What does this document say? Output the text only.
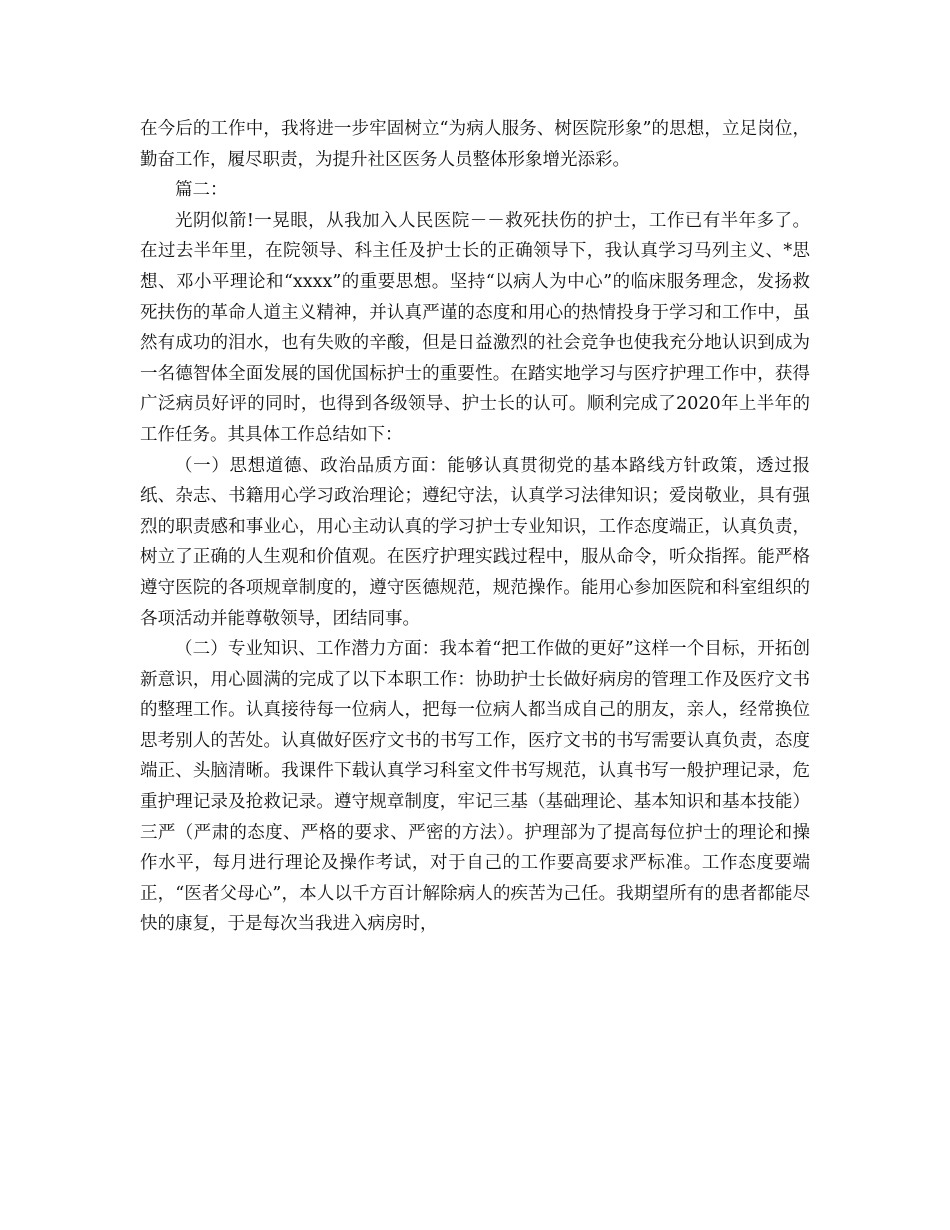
在今后的工作中，我将进一步牢固树立“为病人服务、树医院形象”的思想，立足岗位，勤奋工作，履尽职责，为提升社区医务人员整体形象增光添彩。

篇二：

光阴似箭!一晃眼，从我加入人民医院－－救死扶伤的护士，工作已有半年多了。在过去半年里，在院领导、科主任及护士长的正确领导下，我认真学习马列主义、*思想、邓小平理论和“xxxx”的重要思想。坚持“以病人为中心”的临床服务理念，发扬救死扶伤的革命人道主义精神，并认真严谨的态度和用心的热情投身于学习和工作中，虽然有成功的泪水，也有失败的辛酸，但是日益激烈的社会竞争也使我充分地认识到成为一名德智体全面发展的国优国标护士的重要性。在踏实地学习与医疗护理工作中，获得广泛病员好评的同时，也得到各级领导、护士长的认可。顺利完成了2020年上半年的工作任务。其具体工作总结如下：

（一）思想道德、政治品质方面：能够认真贯彻党的基本路线方针政策，透过报纸、杂志、书籍用心学习政治理论；遵纪守法，认真学习法律知识；爱岗敬业，具有强烈的职责感和事业心，用心主动认真的学习护士专业知识，工作态度端正，认真负责，树立了正确的人生观和价值观。在医疗护理实践过程中，服从命令，听众指挥。能严格遵守医院的各项规章制度的，遵守医德规范，规范操作。能用心参加医院和科室组织的各项活动并能尊敬领导，团结同事。

（二）专业知识、工作潜力方面：我本着“把工作做的更好”这样一个目标，开拓创新意识，用心圆满的完成了以下本职工作：协助护士长做好病房的管理工作及医疗文书的整理工作。认真接待每一位病人，把每一位病人都当成自己的朋友，亲人，经常换位思考别人的苦处。认真做好医疗文书的书写工作，医疗文书的书写需要认真负责，态度端正、头脑清晰。我课件下载认真学习科室文件书写规范，认真书写一般护理记录，危重护理记录及抢救记录。遵守规章制度，牢记三基（基础理论、基本知识和基本技能）三严（严肃的态度、严格的要求、严密的方法）。护理部为了提高每位护士的理论和操作水平，每月进行理论及操作考试，对于自己的工作要高要求严标准。工作态度要端正，“医者父母心”，本人以千方百计解除病人的疾苦为己任。我期望所有的患者都能尽快的康复，于是每次当我进入病房时，
